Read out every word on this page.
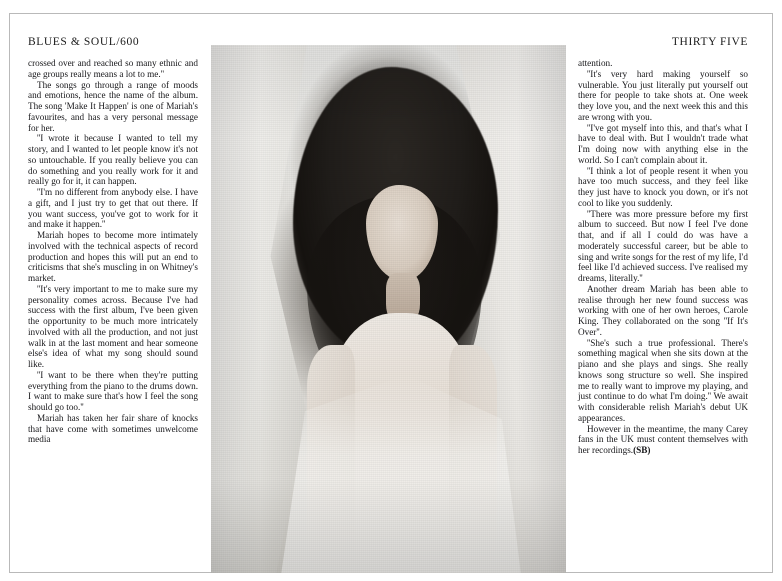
BLUES & SOUL/600	THIRTY FIVE

crossed over and reached so many ethnic and age groups really means a lot to me.''

The songs go through a range of moods and emotions, hence the name of the album. The song 'Make It Happen' is one of Mariah's favourites, and has a very personal message for her.

''I wrote it because I wanted to tell my story, and I wanted to let people know it's not so untouchable. If you really believe you can do something and you really work for it and really go for it, it can happen.

''I'm no different from anybody else. I have a gift, and I just try to get that out there. If you want success, you've got to work for it and make it happen.''

Mariah hopes to become more intimately involved with the technical aspects of record production and hopes this will put an end to criticisms that she's muscling in on Whitney's market.

''It's very important to me to make sure my personality comes across. Because I've had success with the first album, I've been given the opportunity to be much more intricately involved with all the production, and not just walk in at the last moment and hear someone else's idea of what my song should sound like.

''I want to be there when they're putting everything from the piano to the drums down. I want to make sure that's how I feel the song should go too.''

Mariah has taken her fair share of knocks that have come with sometimes unwelcome media

attention.

''It's very hard making yourself so vulnerable. You just literally put yourself out there for people to take shots at. One week they love you, and the next week this and this are wrong with you.

''I've got myself into this, and that's what I have to deal with. But I wouldn't trade what I'm doing now with anything else in the world. So I can't complain about it.

''I think a lot of people resent it when you have too much success, and they feel like they just have to knock you down, or it's not cool to like you suddenly.

''There was more pressure before my first album to succeed. But now I feel I've done that, and if all I could do was have a moderately successful career, but be able to sing and write songs for the rest of my life, I'd feel like I'd achieved success. I've realised my dreams, literally.''

Another dream Mariah has been able to realise through her new found success was working with one of her own heroes, Carole King. They collaborated on the song ''If It's Over''.

''She's such a true professional. There's something magical when she sits down at the piano and she plays and sings. She really knows song structure so well. She inspired me to really want to improve my playing, and just continue to do what I'm doing.'' We await with considerable relish Mariah's debut UK appearances.

However in the meantime, the many Carey fans in the UK must content themselves with her recordings.(SB)
